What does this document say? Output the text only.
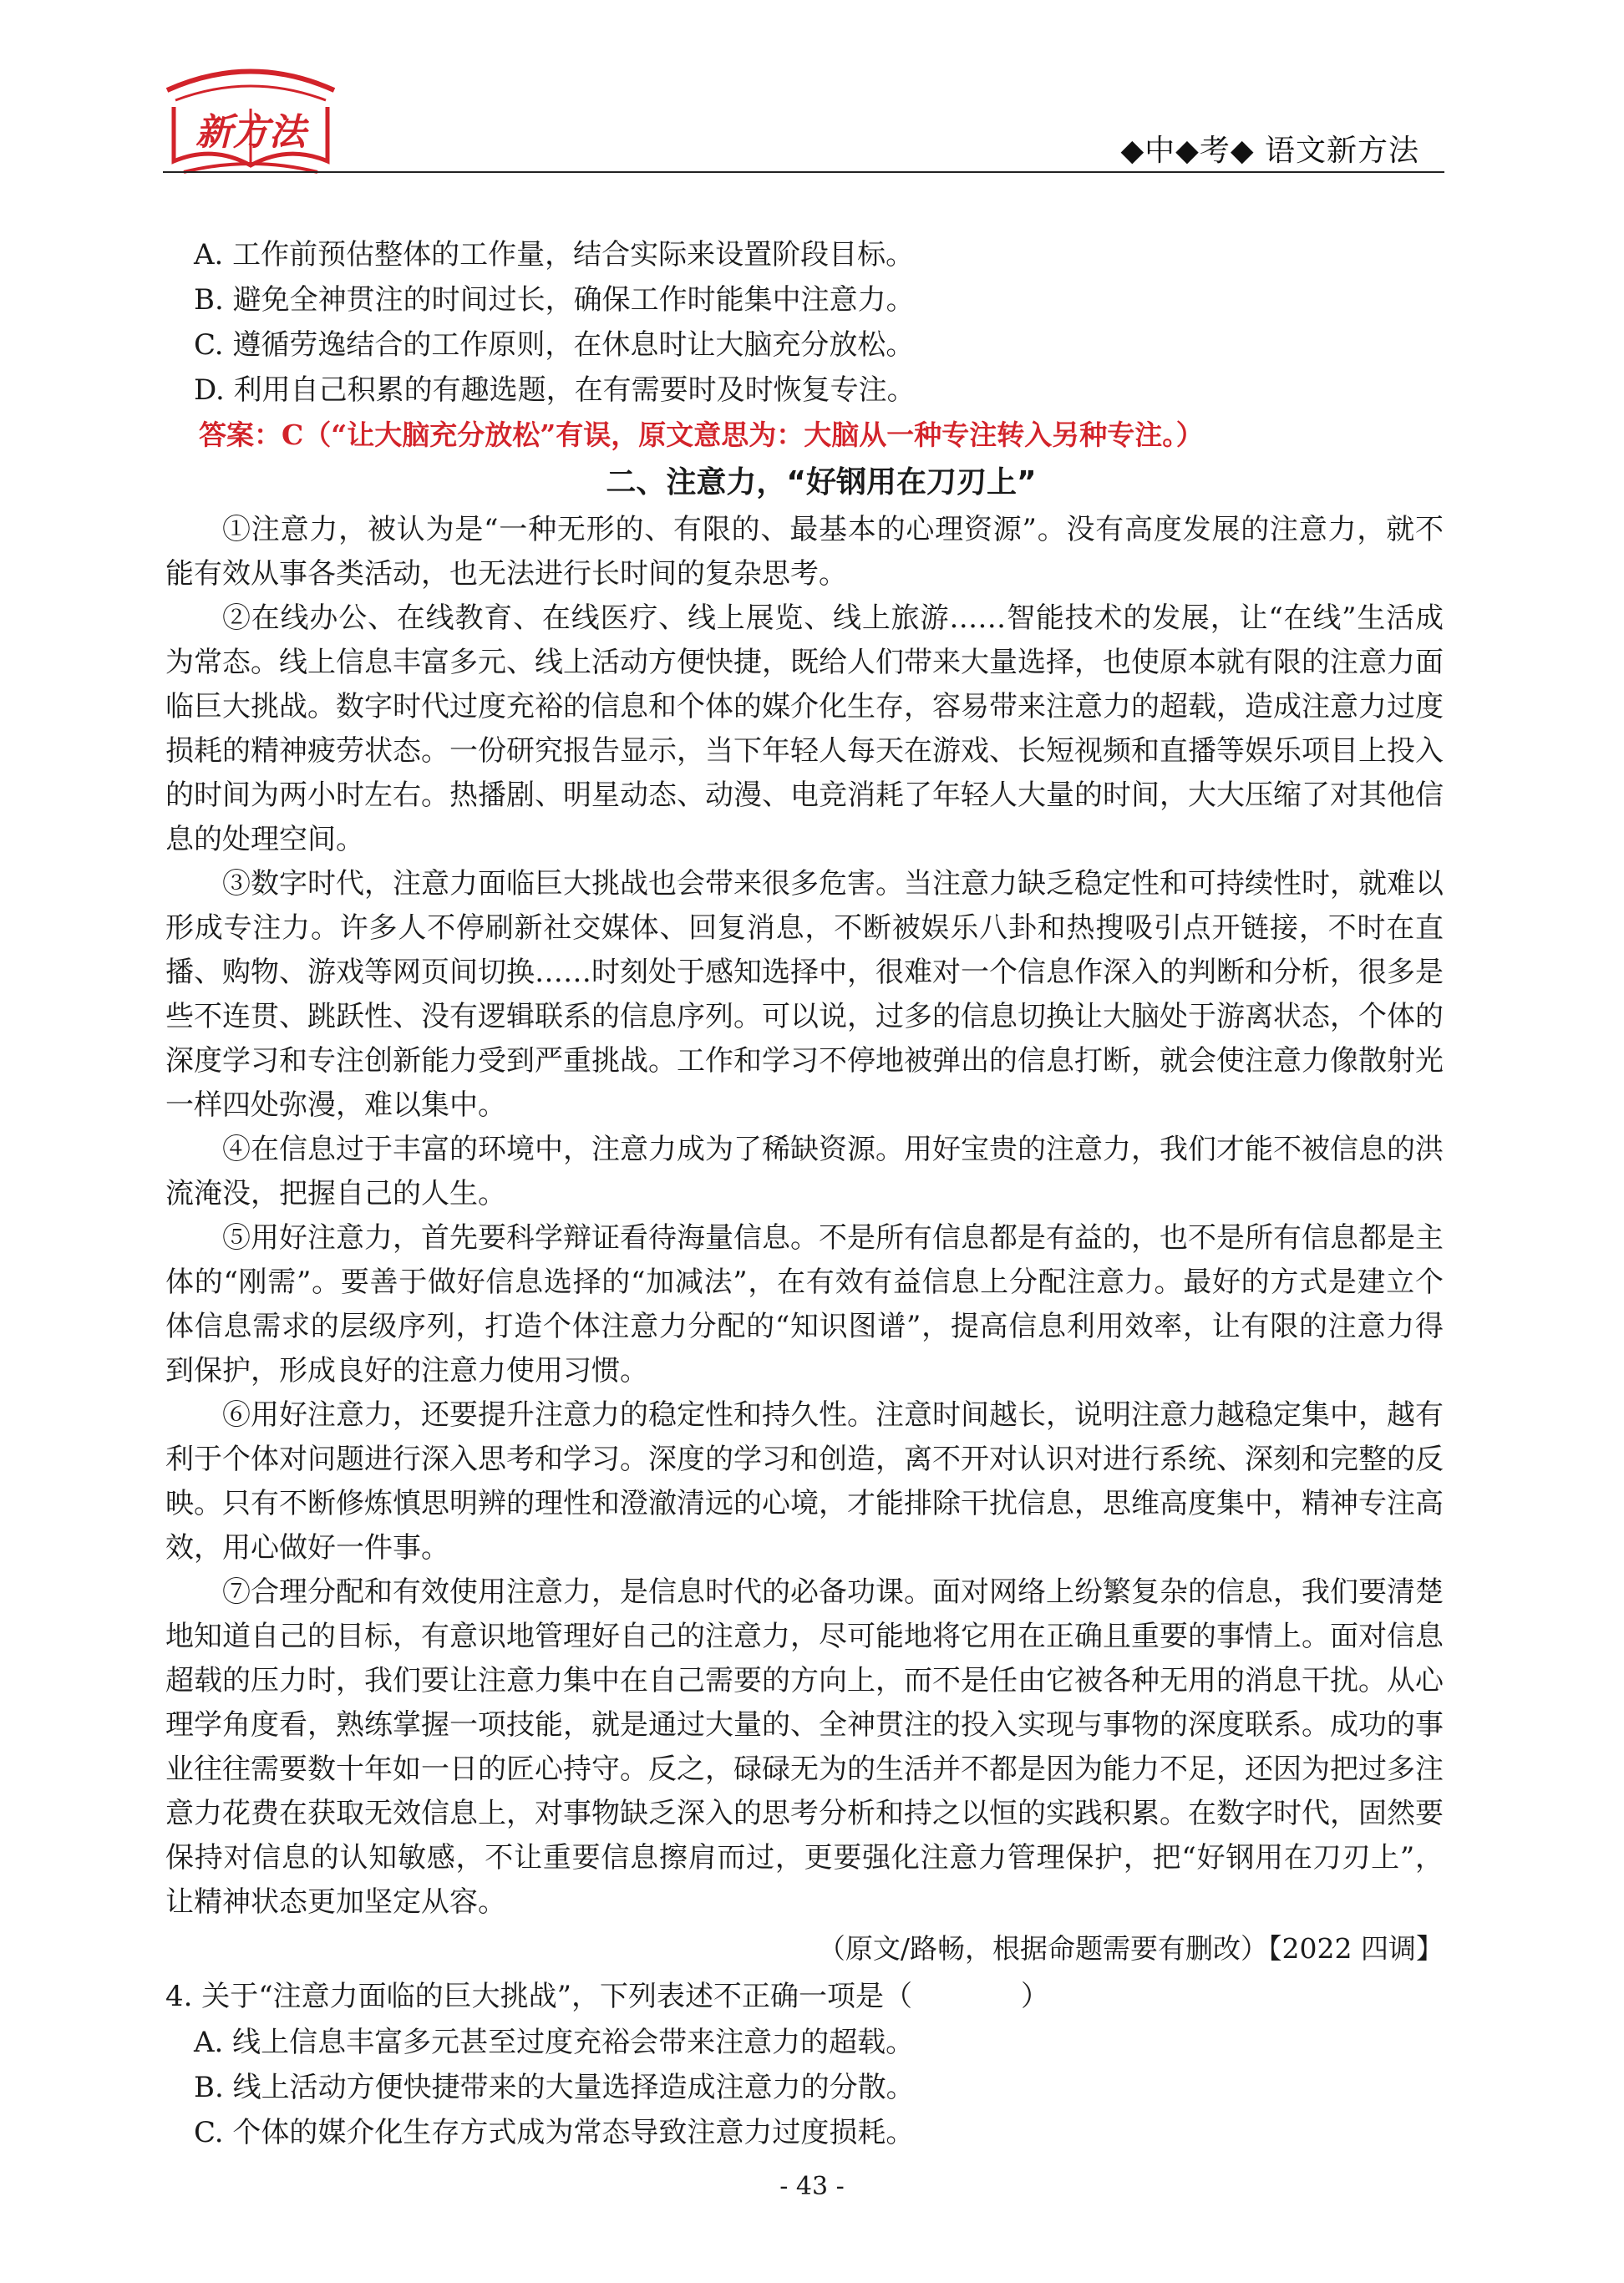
新方法	◆中◆考◆ 语文新方法
A. 工作前预估整体的工作量，结合实际来设置阶段目标。
B. 避免全神贯注的时间过长，确保工作时能集中注意力。
C. 遵循劳逸结合的工作原则，在休息时让大脑充分放松。
D. 利用自己积累的有趣选题，在有需要时及时恢复专注。
答案：C（“让大脑充分放松”有误，原文意思为：大脑从一种专注转入另种专注。）
二、注意力，“好钢用在刀刃上”

①注意力，被认为是“一种无形的、有限的、最基本的心理资源”。没有高度发展的注意力，就不能有效从事各类活动，也无法进行长时间的复杂思考。

②在线办公、在线教育、在线医疗、线上展览、线上旅游……智能技术的发展，让“在线”生活成为常态。线上信息丰富多元、线上活动方便快捷，既给人们带来大量选择，也使原本就有限的注意力面临巨大挑战。数字时代过度充裕的信息和个体的媒介化生存，容易带来注意力的超载，造成注意力过度损耗的精神疲劳状态。一份研究报告显示，当下年轻人每天在游戏、长短视频和直播等娱乐项目上投入的时间为两小时左右。热播剧、明星动态、动漫、电竞消耗了年轻人大量的时间，大大压缩了对其他信息的处理空间。

③数字时代，注意力面临巨大挑战也会带来很多危害。当注意力缺乏稳定性和可持续性时，就难以形成专注力。许多人不停刷新社交媒体、回复消息，不断被娱乐八卦和热搜吸引点开链接，不时在直播、购物、游戏等网页间切换……时刻处于感知选择中，很难对一个信息作深入的判断和分析，很多是些不连贯、跳跃性、没有逻辑联系的信息序列。可以说，过多的信息切换让大脑处于游离状态，个体的深度学习和专注创新能力受到严重挑战。工作和学习不停地被弹出的信息打断，就会使注意力像散射光一样四处弥漫，难以集中。

④在信息过于丰富的环境中，注意力成为了稀缺资源。用好宝贵的注意力，我们才能不被信息的洪流淹没，把握自己的人生。

⑤用好注意力，首先要科学辩证看待海量信息。不是所有信息都是有益的，也不是所有信息都是主体的“刚需”。要善于做好信息选择的“加减法”，在有效有益信息上分配注意力。最好的方式是建立个体信息需求的层级序列，打造个体注意力分配的“知识图谱”，提高信息利用效率，让有限的注意力得到保护，形成良好的注意力使用习惯。

⑥用好注意力，还要提升注意力的稳定性和持久性。注意时间越长，说明注意力越稳定集中，越有利于个体对问题进行深入思考和学习。深度的学习和创造，离不开对认识对进行系统、深刻和完整的反映。只有不断修炼慎思明辨的理性和澄澈清远的心境，才能排除干扰信息，思维高度集中，精神专注高效，用心做好一件事。

⑦合理分配和有效使用注意力，是信息时代的必备功课。面对网络上纷繁复杂的信息，我们要清楚地知道自己的目标，有意识地管理好自己的注意力，尽可能地将它用在正确且重要的事情上。面对信息超载的压力时，我们要让注意力集中在自己需要的方向上，而不是任由它被各种无用的消息干扰。从心理学角度看，熟练掌握一项技能，就是通过大量的、全神贯注的投入实现与事物的深度联系。成功的事业往往需要数十年如一日的匠心持守。反之，碌碌无为的生活并不都是因为能力不足，还因为把过多注意力花费在获取无效信息上，对事物缺乏深入的思考分析和持之以恒的实践积累。在数字时代，固然要保持对信息的认知敏感，不让重要信息擦肩而过，更要强化注意力管理保护，把“好钢用在刀刃上”，让精神状态更加坚定从容。

（原文/路畅，根据命题需要有删改）【2022 四调】
4. 关于“注意力面临的巨大挑战”，下列表述不正确一项是（	）
A. 线上信息丰富多元甚至过度充裕会带来注意力的超载。
B. 线上活动方便快捷带来的大量选择造成注意力的分散。
C. 个体的媒介化生存方式成为常态导致注意力过度损耗。
- 43 -
